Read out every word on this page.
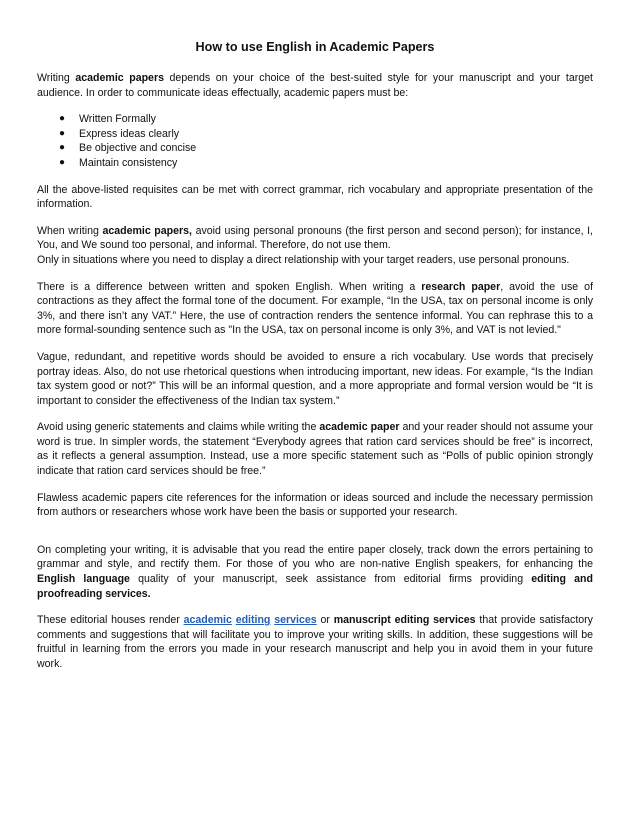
How to use English in Academic Papers

Writing academic papers depends on your choice of the best-suited style for your manuscript and your target audience. In order to communicate ideas effectually, academic papers must be:

● Written Formally
● Express ideas clearly
● Be objective and concise
● Maintain consistency

All the above-listed requisites can be met with correct grammar, rich vocabulary and appropriate presentation of the information.

When writing academic papers, avoid using personal pronouns (the first person and second person); for instance, I, You, and We sound too personal, and informal. Therefore, do not use them.

Only in situations where you need to display a direct relationship with your target readers, use personal pronouns.

There is a difference between written and spoken English. When writing a research paper, avoid the use of contractions as they affect the formal tone of the document. For example, “In the USA, tax on personal income is only 3%, and there isn’t any VAT.” Here, the use of contraction renders the sentence informal. You can rephrase this to a more formal-sounding sentence such as "In the USA, tax on personal income is only 3%, and VAT is not levied."

Vague, redundant, and repetitive words should be avoided to ensure a rich vocabulary. Use words that precisely portray ideas. Also, do not use rhetorical questions when introducing important, new ideas. For example, “Is the Indian tax system good or not?” This will be an informal question, and a more appropriate and formal version would be “It is important to consider the effectiveness of the Indian tax system.”

Avoid using generic statements and claims while writing the academic paper and your reader should not assume your word is true. In simpler words, the statement “Everybody agrees that ration card services should be free” is incorrect, as it reflects a general assumption. Instead, use a more specific statement such as “Polls of public opinion strongly indicate that ration card services should be free.”

Flawless academic papers cite references for the information or ideas sourced and include the necessary permission from authors or researchers whose work have been the basis or supported your research.

On completing your writing, it is advisable that you read the entire paper closely, track down the errors pertaining to grammar and style, and rectify them. For those of you who are non-native English speakers, for enhancing the English language quality of your manuscript, seek assistance from editorial firms providing editing and proofreading services.

These editorial houses render academic editing services or manuscript editing services that provide satisfactory comments and suggestions that will facilitate you to improve your writing skills. In addition, these suggestions will be fruitful in learning from the errors you made in your research manuscript and help you in avoid them in your future work.
